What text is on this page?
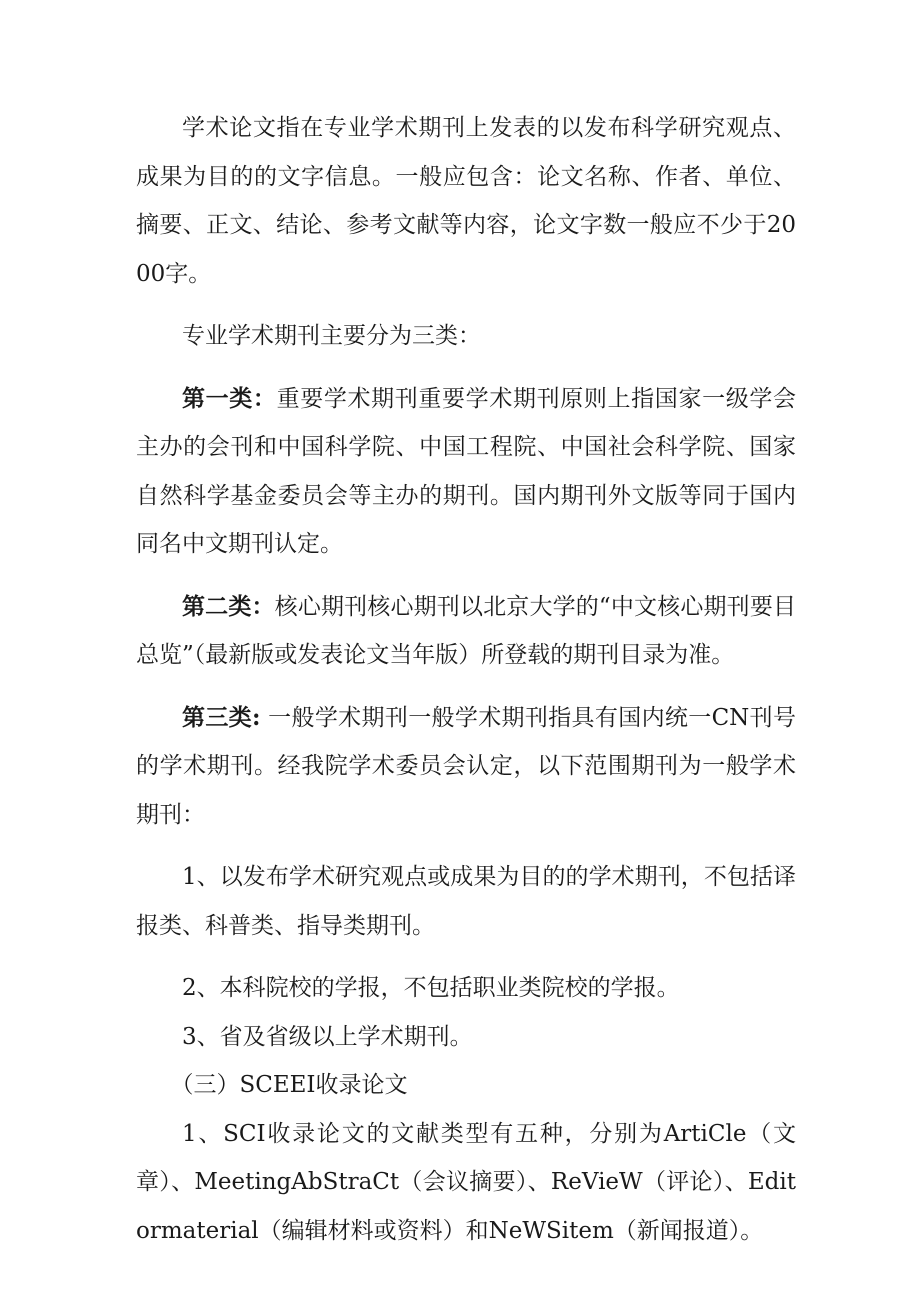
学术论文指在专业学术期刊上发表的以发布科学研究观点、成果为目的的文字信息。一般应包含：论文名称、作者、单位、摘要、正文、结论、参考文献等内容，论文字数一般应不少于2000字。

专业学术期刊主要分为三类：

第一类：重要学术期刊重要学术期刊原则上指国家一级学会主办的会刊和中国科学院、中国工程院、中国社会科学院、国家自然科学基金委员会等主办的期刊。国内期刊外文版等同于国内同名中文期刊认定。

第二类：核心期刊核心期刊以北京大学的“中文核心期刊要目总览”（最新版或发表论文当年版）所登载的期刊目录为准。

第三类: 一般学术期刊一般学术期刊指具有国内统一CN刊号的学术期刊。经我院学术委员会认定，以下范围期刊为一般学术期刊：

1、以发布学术研究观点或成果为目的的学术期刊，不包括译报类、科普类、指导类期刊。

2、本科院校的学报，不包括职业类院校的学报。

3、省及省级以上学术期刊。

（三）SCEEI收录论文

1、SCI收录论文的文献类型有五种，分别为ArtiCle（文章）、MeetingAbStraCt（会议摘要）、ReVieW（评论）、Editormaterial（编辑材料或资料）和NeWSitem（新闻报道）。
